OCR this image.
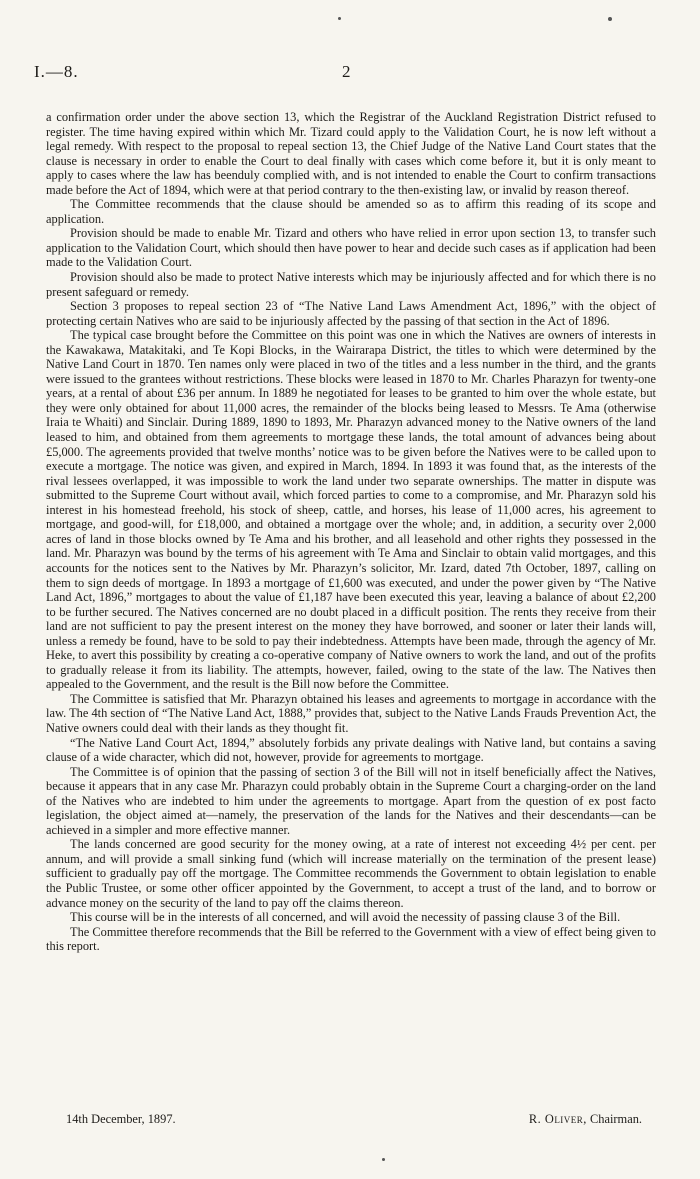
I.—8.	2

a confirmation order under the above section 13, which the Registrar of the Auckland Registration District refused to register. The time having expired within which Mr. Tizard could apply to the Validation Court, he is now left without a legal remedy. With respect to the proposal to repeal section 13, the Chief Judge of the Native Land Court states that the clause is necessary in order to enable the Court to deal finally with cases which come before it, but it is only meant to apply to cases where the law has beenduly complied with, and is not intended to enable the Court to confirm transactions made before the Act of 1894, which were at that period contrary to the then-existing law, or invalid by reason thereof.

The Committee recommends that the clause should be amended so as to affirm this reading of its scope and application.

Provision should be made to enable Mr. Tizard and others who have relied in error upon section 13, to transfer such application to the Validation Court, which should then have power to hear and decide such cases as if application had been made to the Validation Court.

Provision should also be made to protect Native interests which may be injuriously affected and for which there is no present safeguard or remedy.

Section 3 proposes to repeal section 23 of “The Native Land Laws Amendment Act, 1896,” with the object of protecting certain Natives who are said to be injuriously affected by the passing of that section in the Act of 1896.

The typical case brought before the Committee on this point was one in which the Natives are owners of interests in the Kawakawa, Matakitaki, and Te Kopi Blocks, in the Wairarapa District, the titles to which were determined by the Native Land Court in 1870. Ten names only were placed in two of the titles and a less number in the third, and the grants were issued to the grantees without restrictions. These blocks were leased in 1870 to Mr. Charles Pharazyn for twenty-one years, at a rental of about £36 per annum. In 1889 he negotiated for leases to be granted to him over the whole estate, but they were only obtained for about 11,000 acres, the remainder of the blocks being leased to Messrs. Te Ama (otherwise Iraia te Whaiti) and Sinclair. During 1889, 1890 to 1893, Mr. Pharazyn advanced money to the Native owners of the land leased to him, and obtained from them agreements to mortgage these lands, the total amount of advances being about £5,000. The agreements provided that twelve months’ notice was to be given before the Natives were to be called upon to execute a mortgage. The notice was given, and expired in March, 1894. In 1893 it was found that, as the interests of the rival lessees overlapped, it was impossible to work the land under two separate ownerships. The matter in dispute was submitted to the Supreme Court without avail, which forced parties to come to a compromise, and Mr. Pharazyn sold his interest in his homestead freehold, his stock of sheep, cattle, and horses, his lease of 11,000 acres, his agreement to mortgage, and good-will, for £18,000, and obtained a mortgage over the whole; and, in addition, a security over 2,000 acres of land in those blocks owned by Te Ama and his brother, and all leasehold and other rights they possessed in the land. Mr. Pharazyn was bound by the terms of his agreement with Te Ama and Sinclair to obtain valid mortgages, and this accounts for the notices sent to the Natives by Mr. Pharazyn’s solicitor, Mr. Izard, dated 7th October, 1897, calling on them to sign deeds of mortgage. In 1893 a mortgage of £1,600 was executed, and under the power given by “The Native Land Act, 1896,” mortgages to about the value of £1,187 have been executed this year, leaving a balance of about £2,200 to be further secured. The Natives concerned are no doubt placed in a difficult position. The rents they receive from their land are not sufficient to pay the present interest on the money they have borrowed, and sooner or later their lands will, unless a remedy be found, have to be sold to pay their indebtedness. Attempts have been made, through the agency of Mr. Heke, to avert this possibility by creating a co-operative company of Native owners to work the land, and out of the profits to gradually release it from its liability. The attempts, however, failed, owing to the state of the law. The Natives then appealed to the Government, and the result is the Bill now before the Committee.

The Committee is satisfied that Mr. Pharazyn obtained his leases and agreements to mortgage in accordance with the law. The 4th section of “The Native Land Act, 1888,” provides that, subject to the Native Lands Frauds Prevention Act, the Native owners could deal with their lands as they thought fit.

“The Native Land Court Act, 1894,” absolutely forbids any private dealings with Native land, but contains a saving clause of a wide character, which did not, however, provide for agreements to mortgage.

The Committee is of opinion that the passing of section 3 of the Bill will not in itself beneficially affect the Natives, because it appears that in any case Mr. Pharazyn could probably obtain in the Supreme Court a charging-order on the land of the Natives who are indebted to him under the agreements to mortgage. Apart from the question of ex post facto legislation, the object aimed at—namely, the preservation of the lands for the Natives and their descendants—can be achieved in a simpler and more effective manner.

The lands concerned are good security for the money owing, at a rate of interest not exceeding 4½ per cent. per annum, and will provide a small sinking fund (which will increase materially on the termination of the present lease) sufficient to gradually pay off the mortgage. The Committee recommends the Government to obtain legislation to enable the Public Trustee, or some other officer appointed by the Government, to accept a trust of the land, and to borrow or advance money on the security of the land to pay off the claims thereon.

This course will be in the interests of all concerned, and will avoid the necessity of passing clause 3 of the Bill.

The Committee therefore recommends that the Bill be referred to the Government with a view of effect being given to this report.

14th December, 1897.	R. Oliver, Chairman.
